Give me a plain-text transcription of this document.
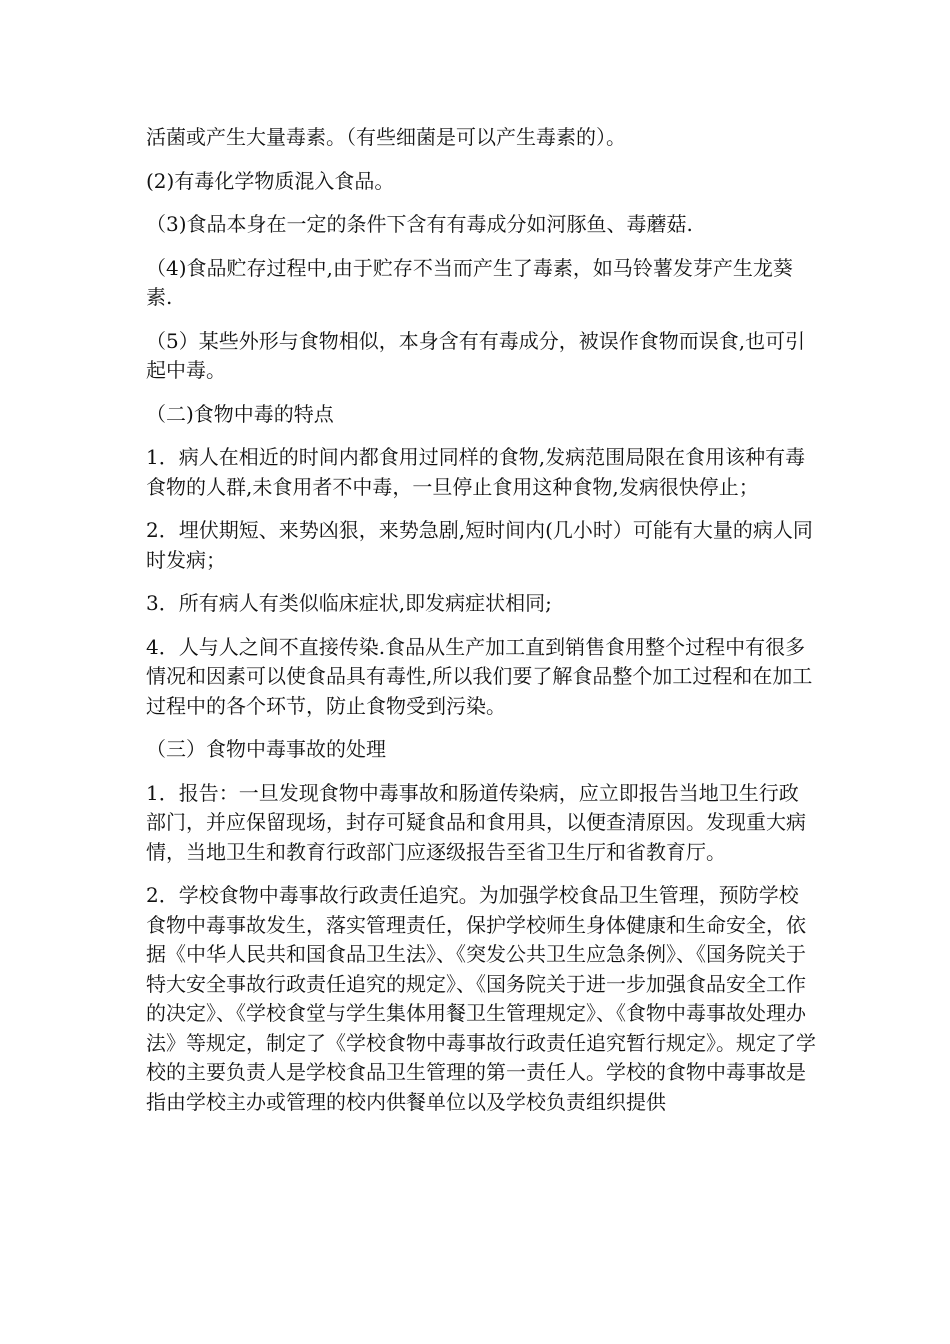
活菌或产生大量毒素。（有些细菌是可以产生毒素的）。

(2)有毒化学物质混入食品。

（3)食品本身在一定的条件下含有有毒成分如河豚鱼、毒蘑菇.

（4)食品贮存过程中,由于贮存不当而产生了毒素，如马铃薯发芽产生龙葵素.

（5）某些外形与食物相似，本身含有有毒成分，被误作食物而误食,也可引起中毒。

（二)食物中毒的特点

1．病人在相近的时间内都食用过同样的食物,发病范围局限在食用该种有毒食物的人群,未食用者不中毒，一旦停止食用这种食物,发病很快停止；

2．埋伏期短、来势凶狠，来势急剧,短时间内(几小时）可能有大量的病人同时发病；

3．所有病人有类似临床症状,即发病症状相同;

4．人与人之间不直接传染.食品从生产加工直到销售食用整个过程中有很多情况和因素可以使食品具有毒性,所以我们要了解食品整个加工过程和在加工过程中的各个环节，防止食物受到污染。

（三）食物中毒事故的处理

1．报告：一旦发现食物中毒事故和肠道传染病，应立即报告当地卫生行政部门，并应保留现场，封存可疑食品和食用具，以便查清原因。发现重大病情，当地卫生和教育行政部门应逐级报告至省卫生厅和省教育厅。

2．学校食物中毒事故行政责任追究。为加强学校食品卫生管理，预防学校食物中毒事故发生，落实管理责任，保护学校师生身体健康和生命安全，依据《中华人民共和国食品卫生法》、《突发公共卫生应急条例》、《国务院关于特大安全事故行政责任追究的规定》、《国务院关于进一步加强食品安全工作的决定》、《学校食堂与学生集体用餐卫生管理规定》、《食物中毒事故处理办法》等规定，制定了《学校食物中毒事故行政责任追究暂行规定》。规定了学校的主要负责人是学校食品卫生管理的第一责任人。学校的食物中毒事故是指由学校主办或管理的校内供餐单位以及学校负责组织提供
